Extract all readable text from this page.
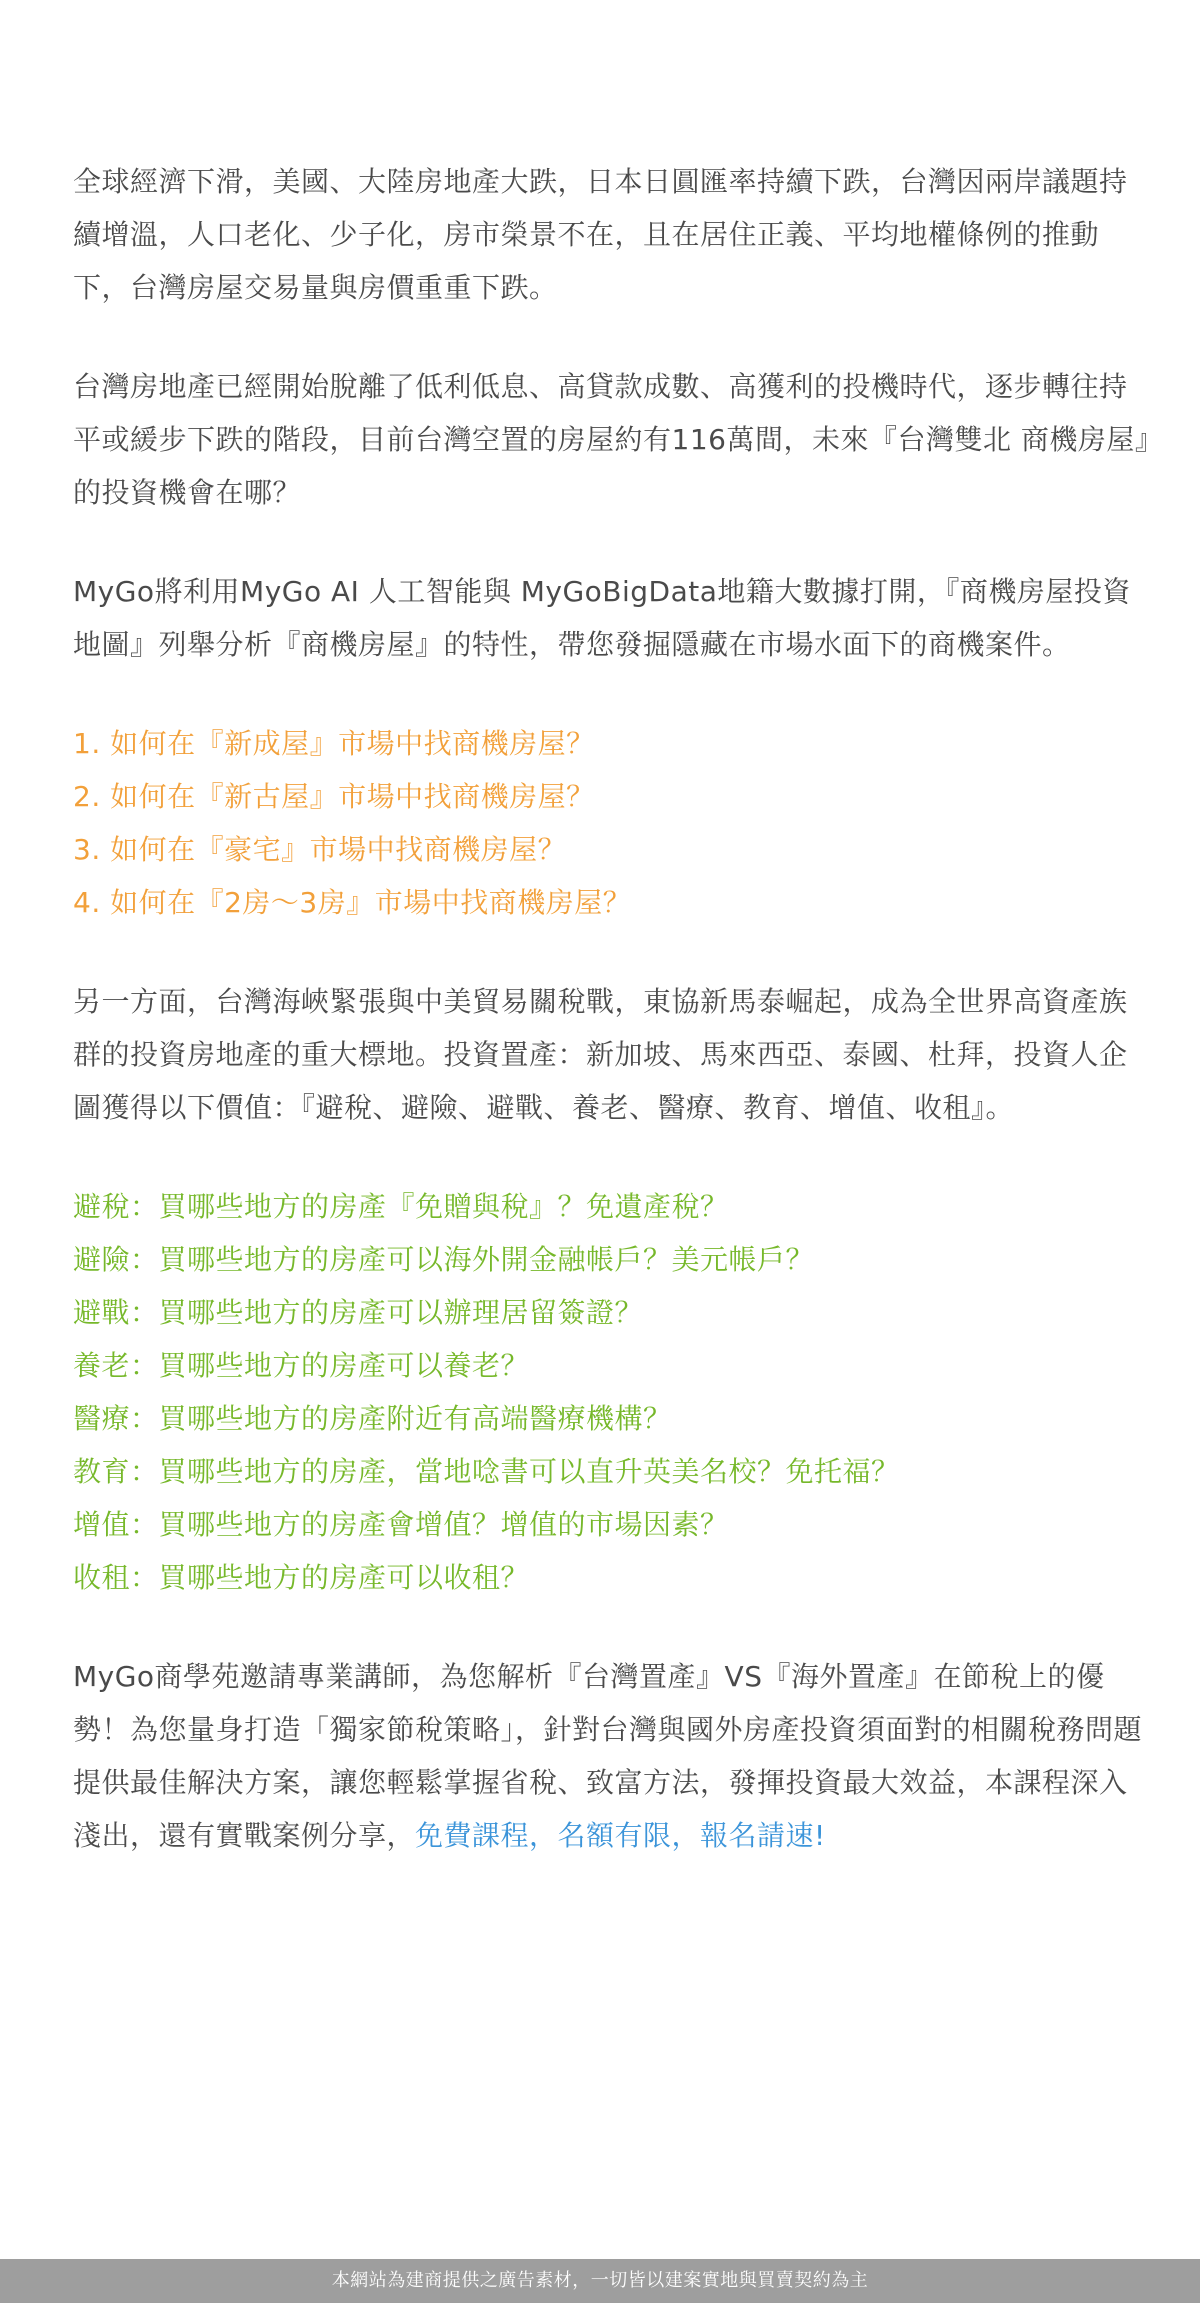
全球經濟下滑，美國、大陸房地產大跌，日本日圓匯率持續下跌，台灣因兩岸議題持續增溫，人口老化、少子化，房市榮景不在，且在居住正義、平均地權條例的推動下，台灣房屋交易量與房價重重下跌。

台灣房地產已經開始脫離了低利低息、高貸款成數、高獲利的投機時代，逐步轉往持平或緩步下跌的階段，目前台灣空置的房屋約有116萬間，未來『台灣雙北 商機房屋』的投資機會在哪？

MyGo將利用MyGo AI 人工智能與 MyGoBigData地籍大數據打開，『商機房屋投資地圖』列舉分析『商機房屋』的特性，帶您發掘隱藏在市場水面下的商機案件。

1. 如何在『新成屋』市場中找商機房屋？
2. 如何在『新古屋』市場中找商機房屋？
3. 如何在『豪宅』市場中找商機房屋？
4. 如何在『2房～3房』市場中找商機房屋？

另一方面，台灣海峽緊張與中美貿易關稅戰，東協新馬泰崛起，成為全世界高資產族群的投資房地產的重大標地。投資置產：新加坡、馬來西亞、泰國、杜拜，投資人企圖獲得以下價值：『避稅、避險、避戰、養老、醫療、教育、增值、收租』。

避稅：買哪些地方的房產『免贈與稅』？免遺產稅？
避險：買哪些地方的房產可以海外開金融帳戶？美元帳戶？
避戰：買哪些地方的房產可以辦理居留簽證？
養老：買哪些地方的房產可以養老？
醫療：買哪些地方的房產附近有高端醫療機構？
教育：買哪些地方的房產，當地唸書可以直升英美名校？免托福？
增值：買哪些地方的房產會增值？增值的市場因素？
收租：買哪些地方的房產可以收租？

MyGo商學苑邀請專業講師，為您解析『台灣置產』VS『海外置產』在節稅上的優勢！為您量身打造「獨家節稅策略」，針對台灣與國外房產投資須面對的相關稅務問題提供最佳解決方案，讓您輕鬆掌握省稅、致富方法，發揮投資最大效益，本課程深入淺出，還有實戰案例分享，免費課程，名額有限，報名請速!

本網站為建商提供之廣告素材，一切皆以建案實地與買賣契約為主
